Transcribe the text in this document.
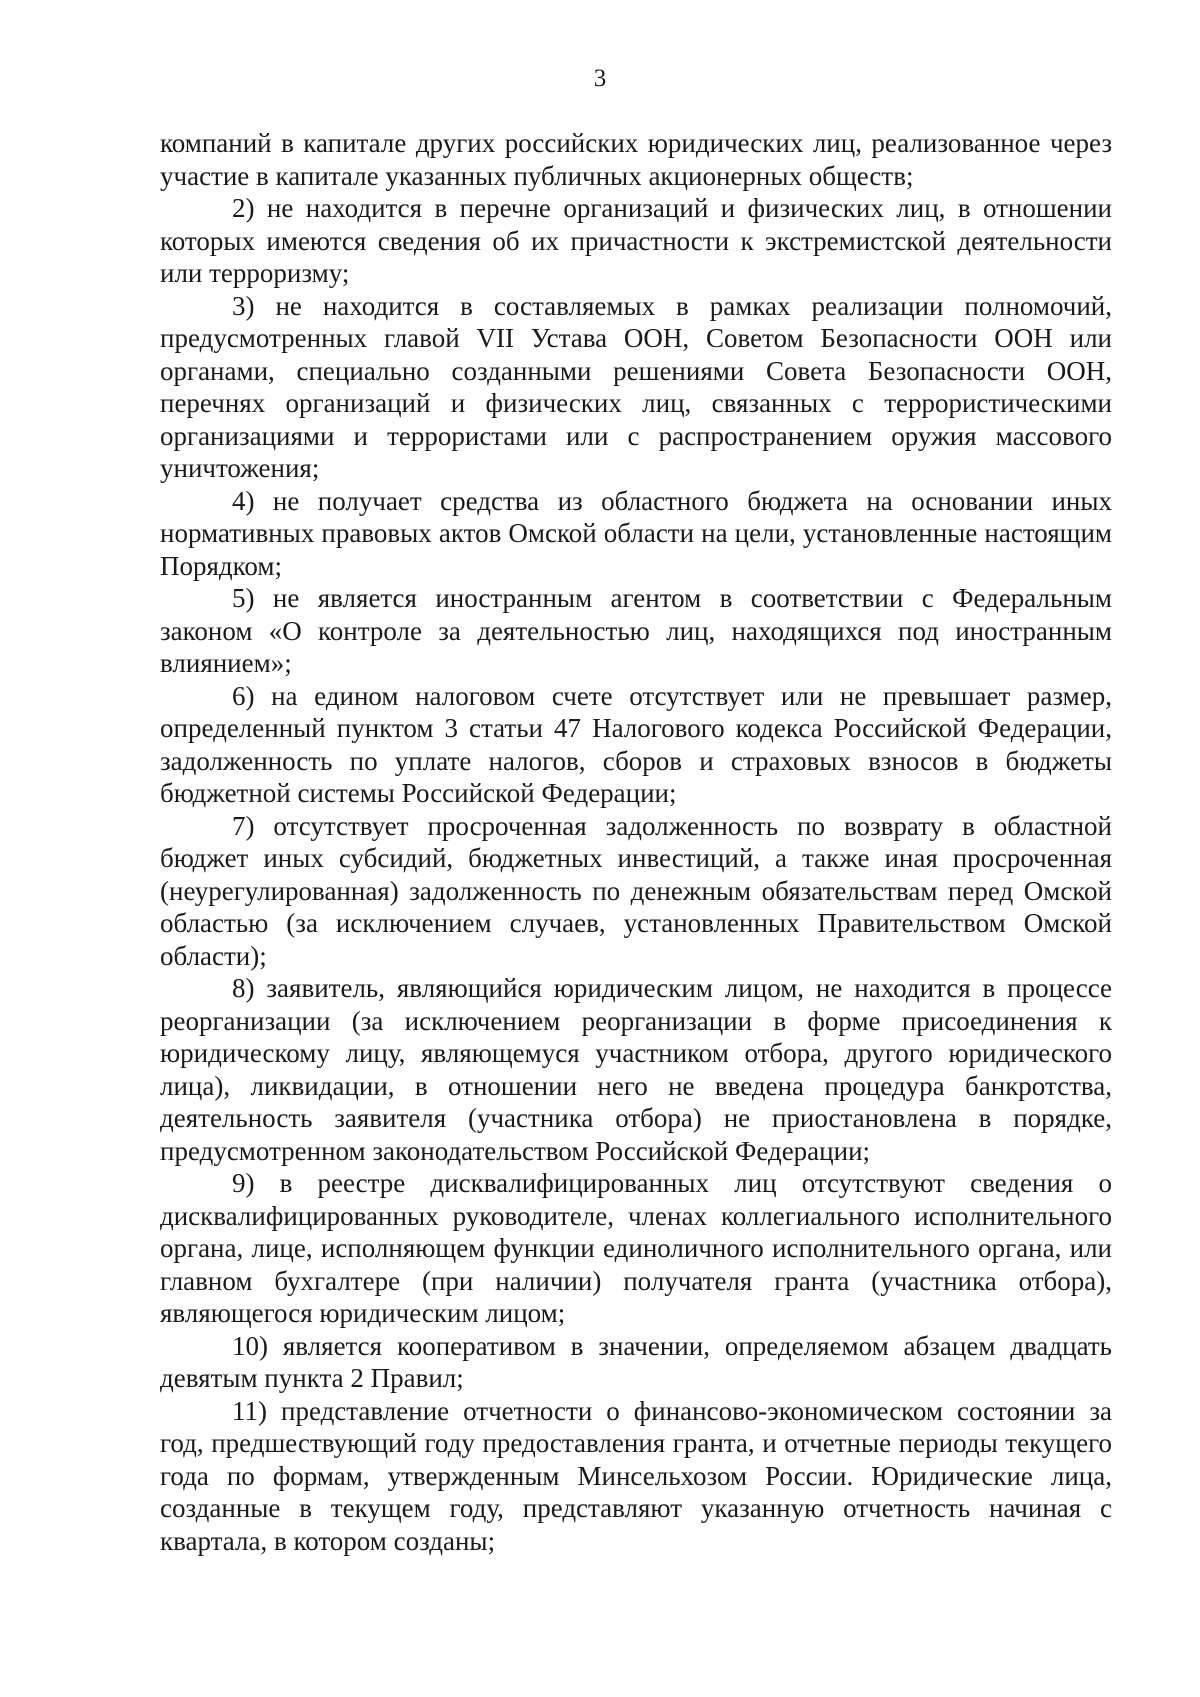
3

компаний в капитале других российских юридических лиц, реализованное через участие в капитале указанных публичных акционерных обществ;

2) не находится в перечне организаций и физических лиц, в отношении которых имеются сведения об их причастности к экстремистской деятельности или терроризму;

3) не находится в составляемых в рамках реализации полномочий, предусмотренных главой VII Устава ООН, Советом Безопасности ООН или органами, специально созданными решениями Совета Безопасности ООН, перечнях организаций и физических лиц, связанных с террористическими организациями и террористами или с распространением оружия массового уничтожения;

4) не получает средства из областного бюджета на основании иных нормативных правовых актов Омской области на цели, установленные настоящим Порядком;

5) не является иностранным агентом в соответствии с Федеральным законом «О контроле за деятельностью лиц, находящихся под иностранным влиянием»;

6) на едином налоговом счете отсутствует или не превышает размер, определенный пунктом 3 статьи 47 Налогового кодекса Российской Федерации, задолженность по уплате налогов, сборов и страховых взносов в бюджеты бюджетной системы Российской Федерации;

7) отсутствует просроченная задолженность по возврату в областной бюджет иных субсидий, бюджетных инвестиций, а также иная просроченная (неурегулированная) задолженность по денежным обязательствам перед Омской областью (за исключением случаев, установленных Правительством Омской области);

8) заявитель, являющийся юридическим лицом, не находится в процессе реорганизации (за исключением реорганизации в форме присоединения к юридическому лицу, являющемуся участником отбора, другого юридического лица), ликвидации, в отношении него не введена процедура банкротства, деятельность заявителя (участника отбора) не приостановлена в порядке, предусмотренном законодательством Российской Федерации;

9) в реестре дисквалифицированных лиц отсутствуют сведения о дисквалифицированных руководителе, членах коллегиального исполнительного органа, лице, исполняющем функции единоличного исполнительного органа, или главном бухгалтере (при наличии) получателя гранта (участника отбора), являющегося юридическим лицом;

10) является кооперативом в значении, определяемом абзацем двадцать девятым пункта 2 Правил;

11) представление отчетности о финансово-экономическом состоянии за год, предшествующий году предоставления гранта, и отчетные периоды текущего года по формам, утвержденным Минсельхозом России. Юридические лица, созданные в текущем году, представляют указанную отчетность начиная с квартала, в котором созданы;
